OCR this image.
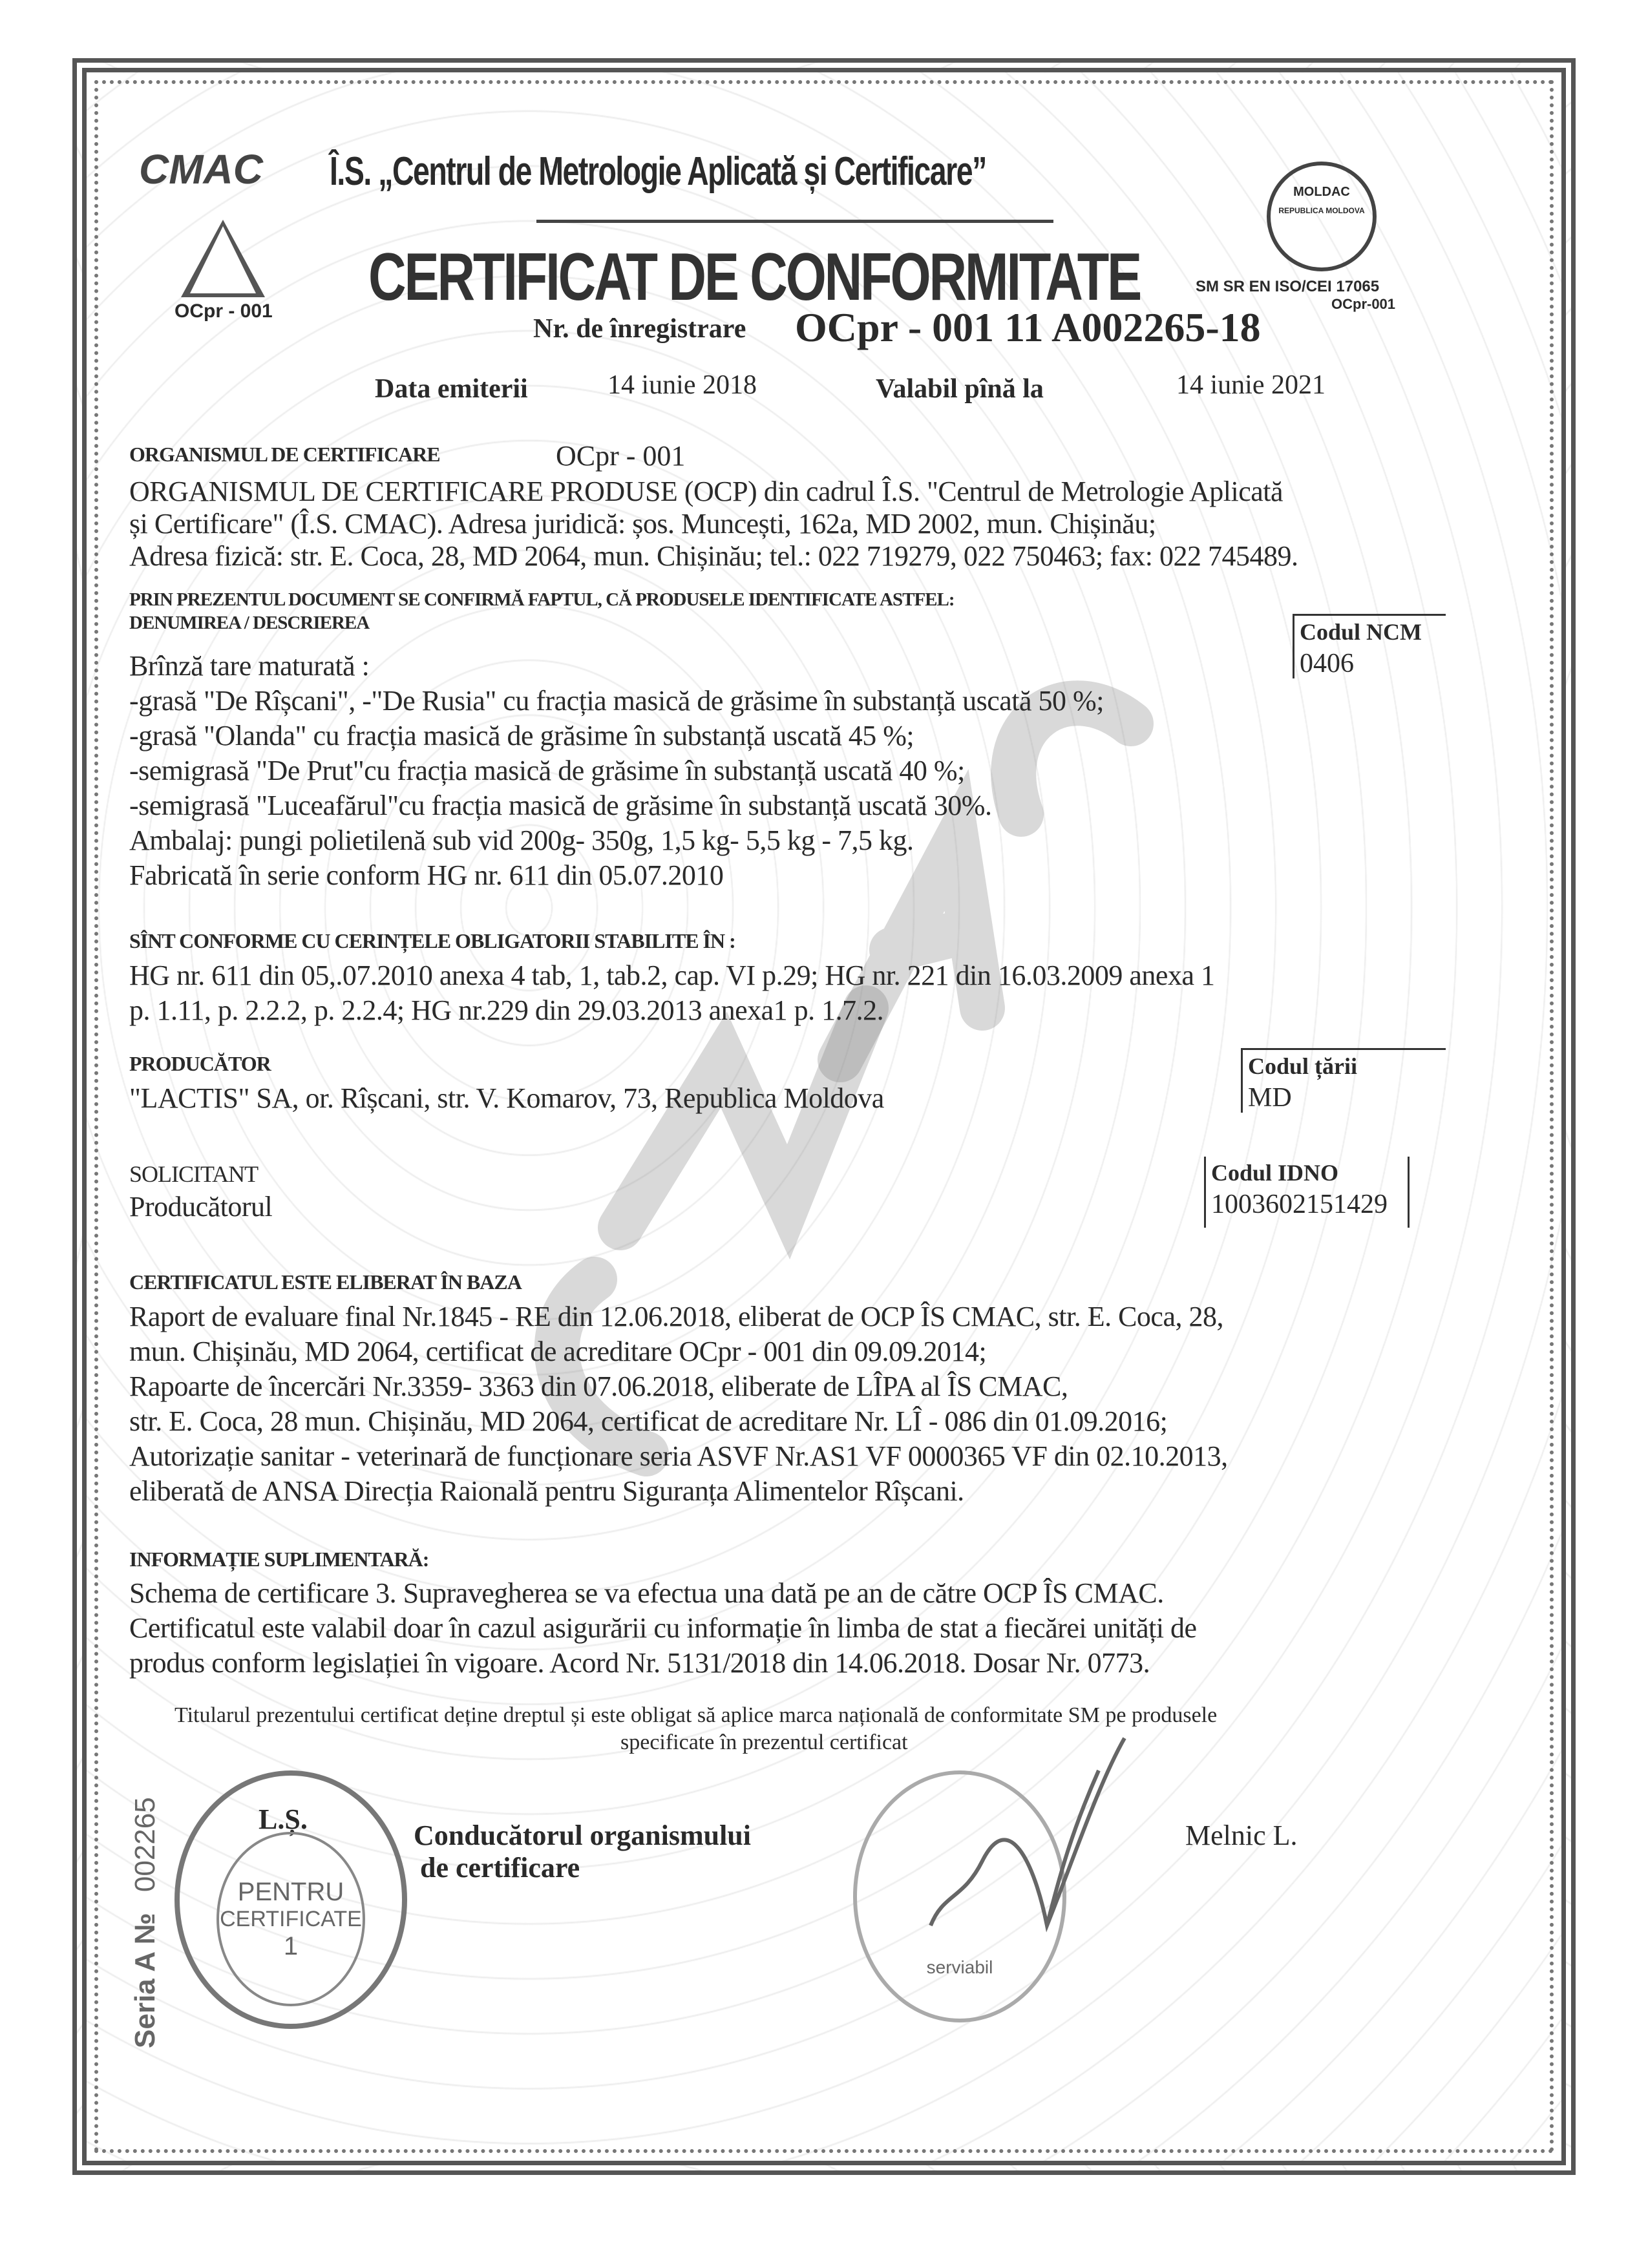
CMAC Î.S. „Centrul de Metrologie Aplicată și Certificare”
OCpr - 001
MOLDAC
REPUBLICA MOLDOVA
SM SR EN ISO/CEI 17065
OCpr-001
CERTIFICAT DE CONFORMITATE
Nr. de înregistrare OCpr - 001 11 A002265-18
Data emiterii	14 iunie 2018	Valabil pînă la	14 iunie 2021
ORGANISMUL DE CERTIFICARE	OCpr - 001
ORGANISMUL DE CERTIFICARE PRODUSE (OCP) din cadrul Î.S. "Centrul de Metrologie Aplicată
și Certificare" (Î.S. CMAC). Adresa juridică: șos. Muncești, 162a, MD 2002, mun. Chișinău;
Adresa fizică: str. E. Coca, 28, MD 2064, mun. Chișinău; tel.: 022 719279, 022 750463; fax: 022 745489.
PRIN PREZENTUL DOCUMENT SE CONFIRMĂ FAPTUL, CĂ PRODUSELE IDENTIFICATE ASTFEL:
DENUMIREA / DESCRIEREA
Brînză tare maturată :
-grasă "De Rîșcani", -"De Rusia" cu fracția masică de grăsime în substanță uscată 50 %;
-grasă "Olanda" cu fracția masică de grăsime în substanță uscată 45 %;
-semigrasă "De Prut"cu fracția masică de grăsime în substanță uscată 40 %;
-semigrasă "Luceafărul"cu fracția masică de grăsime în substanță uscată 30%.
Ambalaj: pungi polietilenă sub vid 200g- 350g, 1,5 kg- 5,5 kg - 7,5 kg.
Fabricată în serie conform HG nr. 611 din 05.07.2010
Codul NCM
0406
SÎNT CONFORME CU CERINȚELE OBLIGATORII STABILITE ÎN :
HG nr. 611 din 05,.07.2010 anexa 4 tab, 1, tab.2, cap. VI p.29; HG nr. 221 din 16.03.2009 anexa 1
p. 1.11, p. 2.2.2, p. 2.2.4; HG nr.229 din 29.03.2013 anexa1 p. 1.7.2.
PRODUCĂTOR
"LACTIS" SA, or. Rîșcani, str. V. Komarov, 73, Republica Moldova
Codul țării
MD
SOLICITANT
Producătorul
Codul IDNO
1003602151429
CERTIFICATUL ESTE ELIBERAT ÎN BAZA
Raport de evaluare final Nr.1845 - RE din 12.06.2018, eliberat de OCP ÎS CMAC, str. E. Coca, 28,
mun. Chișinău, MD 2064, certificat de acreditare OCpr - 001 din 09.09.2014;
Rapoarte de încercări Nr.3359- 3363 din 07.06.2018, eliberate de LÎPA al ÎS CMAC,
str. E. Coca, 28 mun. Chișinău, MD 2064, certificat de acreditare Nr. LÎ - 086 din 01.09.2016;
Autorizație sanitar - veterinară de funcționare seria ASVF Nr.AS1 VF 0000365 VF din 02.10.2013,
eliberată de ANSA Direcția Raională pentru Siguranța Alimentelor Rîșcani.
INFORMAȚIE SUPLIMENTARĂ:
Schema de certificare 3. Supravegherea se va efectua una dată pe an de către OCP ÎS CMAC.
Certificatul este valabil doar în cazul asigurării cu informație în limba de stat a fiecărei unități de
produs conform legislației în vigoare. Acord Nr. 5131/2018 din 14.06.2018. Dosar Nr. 0773.
Titularul prezentului certificat deține dreptul și este obligat să aplice marca națională de conformitate SM pe produsele
specificate în prezentul certificat
L.Ș.
Conducătorul organismului
de certificare
Melnic L.
PENTRU
CERTIFICATE
1
serviabil
Seria A № 002265
